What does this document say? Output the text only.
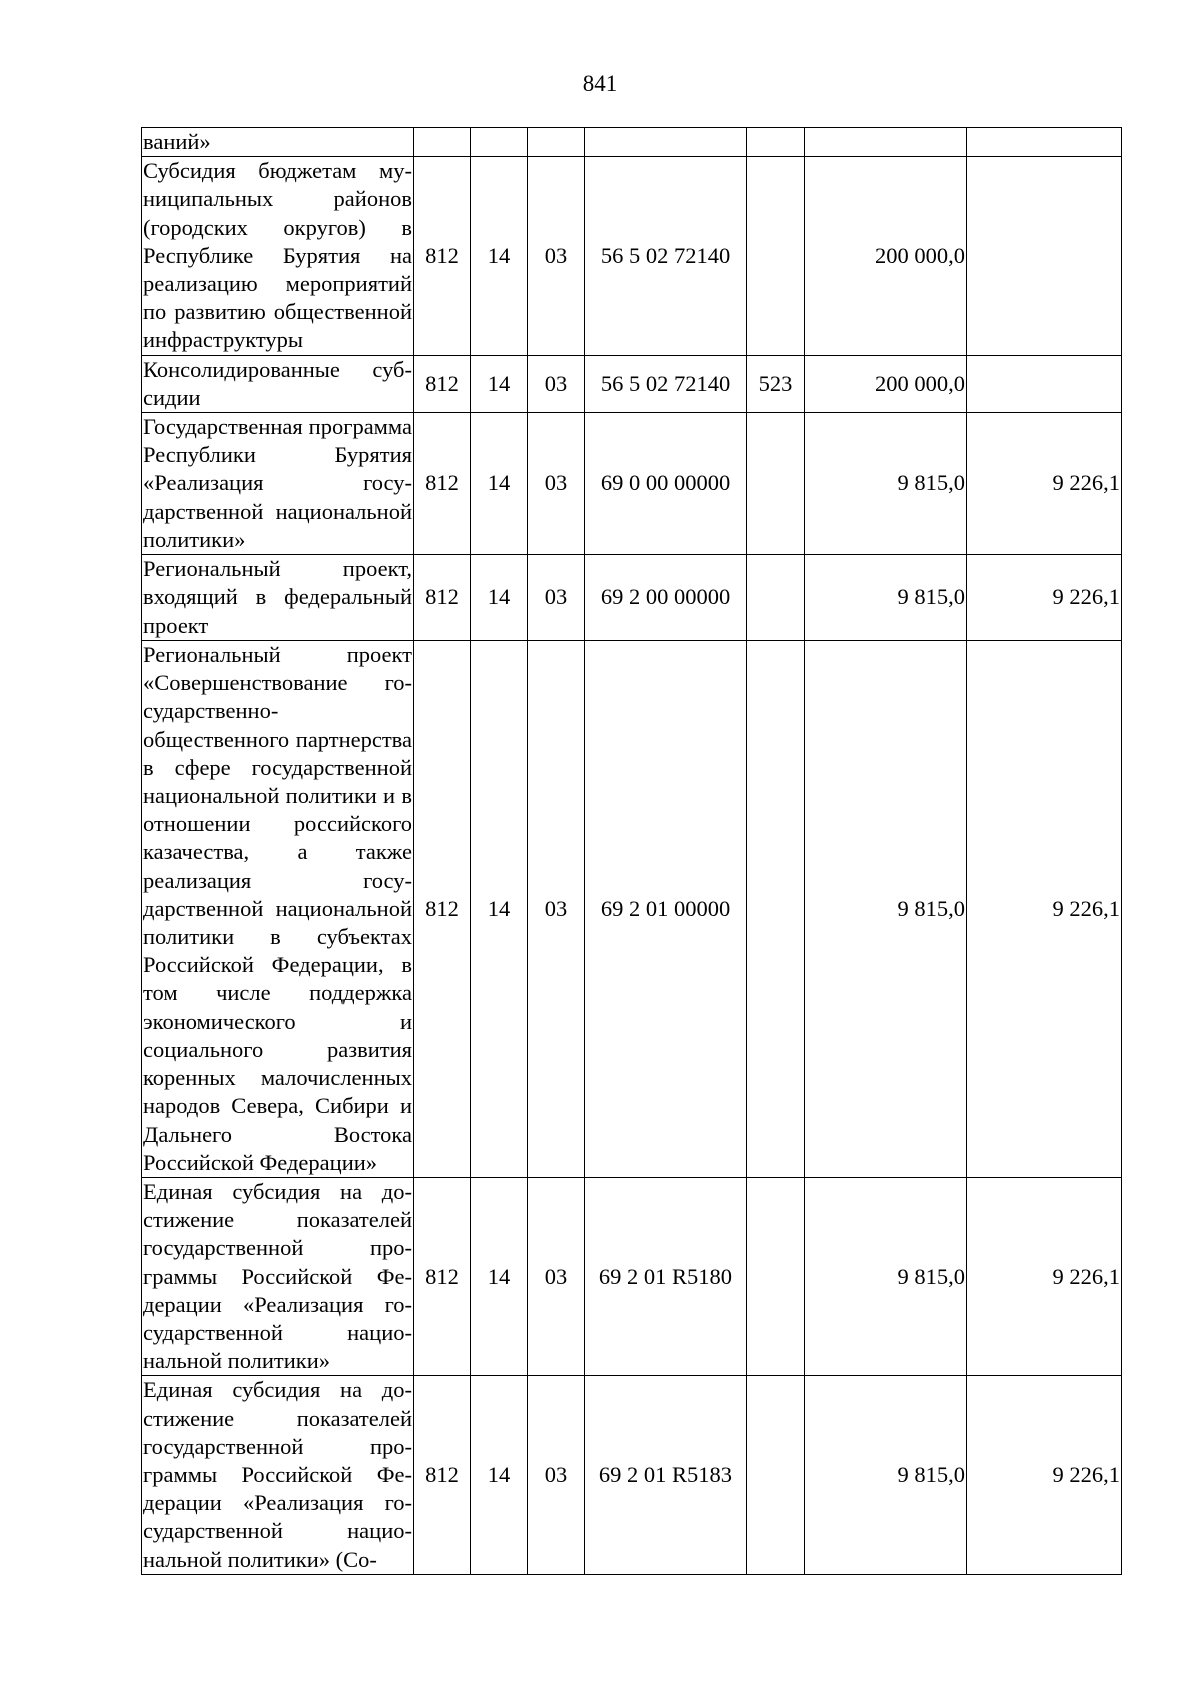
841
ваний»							
Субсидия бюджетам муниципальных районов (городских округов) в Республике Бурятия на реализацию мероприятий по развитию общественной инфраструктуры	812	14	03	56 5 02 72140		200 000,0	
Консолидированные субсидии	812	14	03	56 5 02 72140	523	200 000,0	
Государственная программа Республики Бурятия «Реализация государственной национальной политики»	812	14	03	69 0 00 00000		9 815,0	9 226,1
Региональный проект, входящий в федеральный проект	812	14	03	69 2 00 00000		9 815,0	9 226,1
Региональный проект «Совершенствование государственно-общественного партнерства в сфере государственной национальной политики и в отношении российского казачества, а также реализация государственной национальной политики в субъектах Российской Федерации, в том числе поддержка экономического и социального развития коренных малочисленных народов Севера, Сибири и Дальнего Востока Российской Федерации»	812	14	03	69 2 01 00000		9 815,0	9 226,1
Единая субсидия на достижение показателей государственной программы Российской Федерации «Реализация государственной национальной политики»	812	14	03	69 2 01 R5180		9 815,0	9 226,1
Единая субсидия на достижение показателей государственной программы Российской Федерации «Реализация государственной национальной политики» (Со-	812	14	03	69 2 01 R5183		9 815,0	9 226,1
